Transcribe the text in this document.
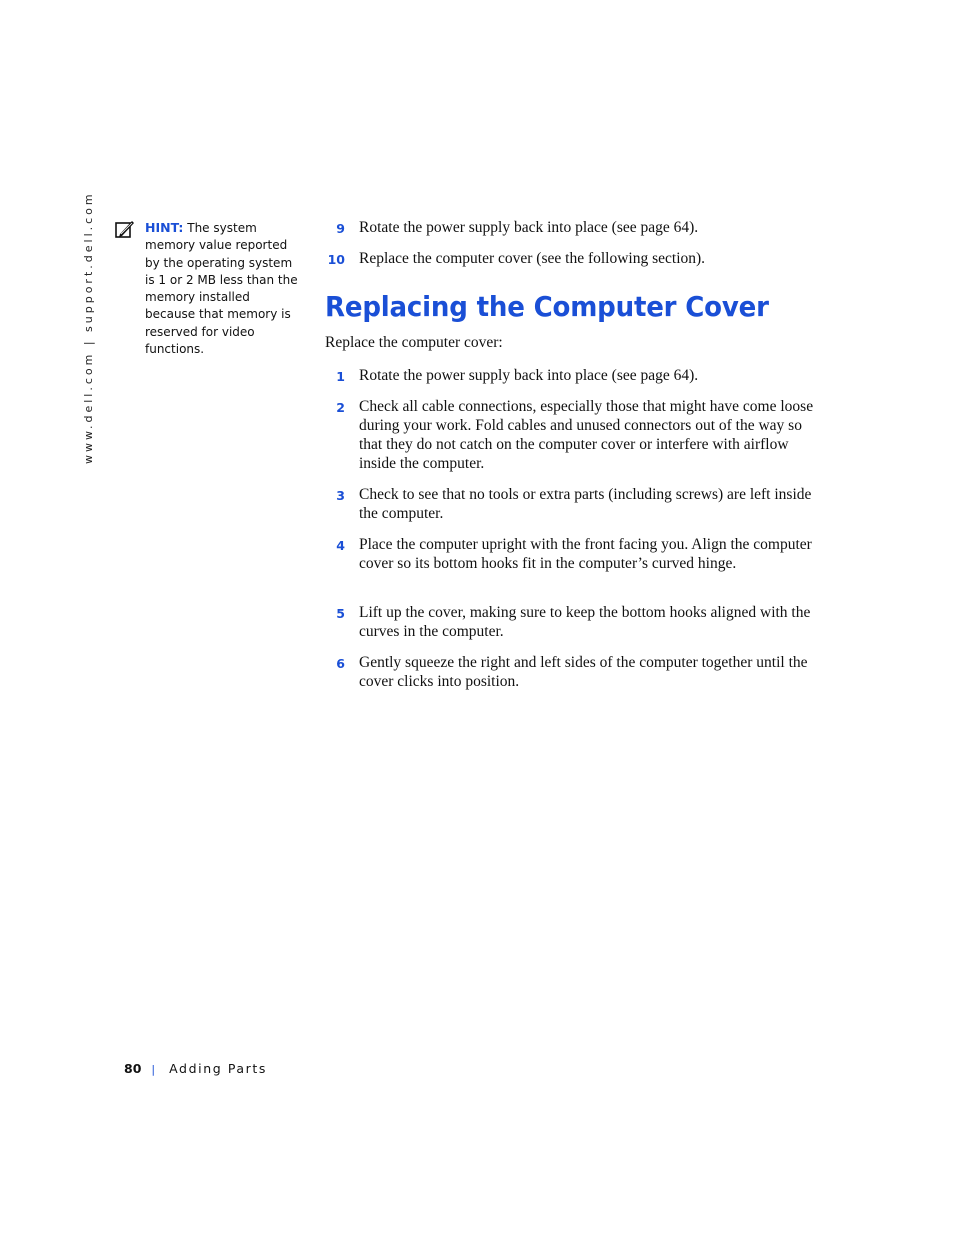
www.dell.com | support.dell.com	HINT: The system memory value reported by the operating system is 1 or 2 MB less than the memory installed because that memory is reserved for video functions.
9 Rotate the power supply back into place (see page 64).
10 Replace the computer cover (see the following section).
Replacing the Computer Cover
Replace the computer cover:
1 Rotate the power supply back into place (see page 64).
2 Check all cable connections, especially those that might have come loose during your work. Fold cables and unused connectors out of the way so that they do not catch on the computer cover or interfere with airflow inside the computer.
3 Check to see that no tools or extra parts (including screws) are left inside the computer.
4 Place the computer upright with the front facing you. Align the computer cover so its bottom hooks fit in the computer’s curved hinge.
5 Lift up the cover, making sure to keep the bottom hooks aligned with the curves in the computer.
6 Gently squeeze the right and left sides of the computer together until the cover clicks into position.
80 | Adding Parts
